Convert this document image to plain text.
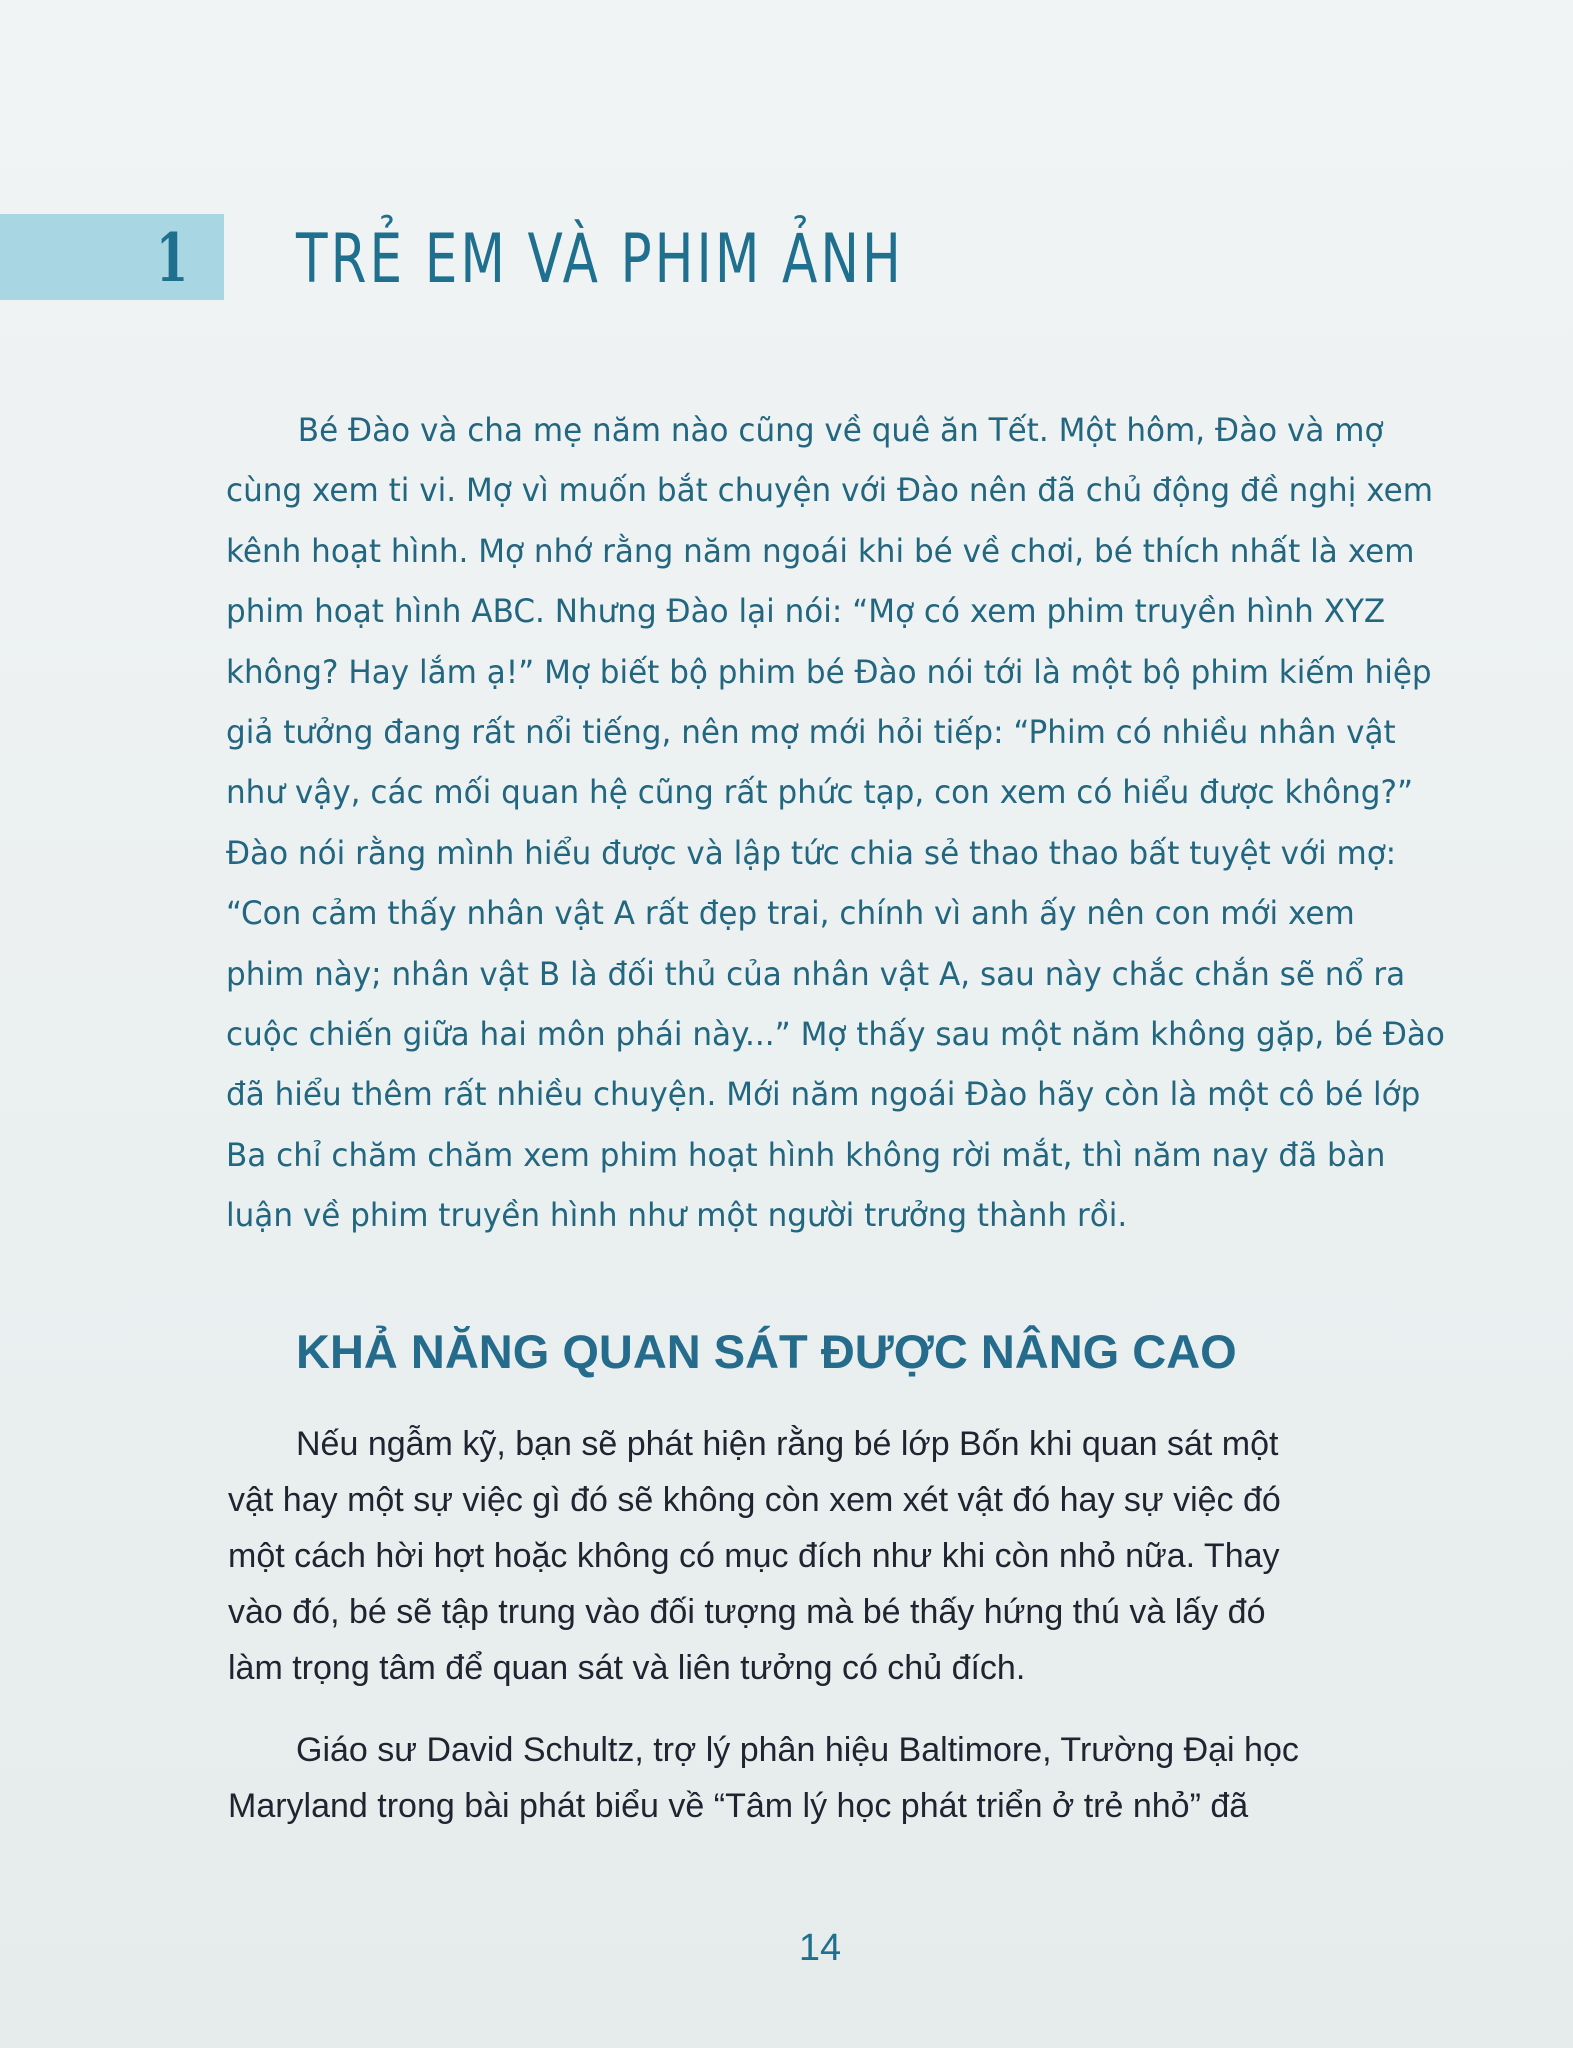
1 TRẺ EM VÀ PHIM ẢNH
Bé Đào và cha mẹ năm nào cũng về quê ăn Tết. Một hôm, Đào và mợ
cùng xem ti vi. Mợ vì muốn bắt chuyện với Đào nên đã chủ động đề nghị xem
kênh hoạt hình. Mợ nhớ rằng năm ngoái khi bé về chơi, bé thích nhất là xem
phim hoạt hình ABC. Nhưng Đào lại nói: “Mợ có xem phim truyền hình XYZ
không? Hay lắm ạ!” Mợ biết bộ phim bé Đào nói tới là một bộ phim kiếm hiệp
giả tưởng đang rất nổi tiếng, nên mợ mới hỏi tiếp: “Phim có nhiều nhân vật
như vậy, các mối quan hệ cũng rất phức tạp, con xem có hiểu được không?”
Đào nói rằng mình hiểu được và lập tức chia sẻ thao thao bất tuyệt với mợ:
“Con cảm thấy nhân vật A rất đẹp trai, chính vì anh ấy nên con mới xem
phim này; nhân vật B là đối thủ của nhân vật A, sau này chắc chắn sẽ nổ ra
cuộc chiến giữa hai môn phái này...” Mợ thấy sau một năm không gặp, bé Đào
đã hiểu thêm rất nhiều chuyện. Mới năm ngoái Đào hãy còn là một cô bé lớp
Ba chỉ chăm chăm xem phim hoạt hình không rời mắt, thì năm nay đã bàn
luận về phim truyền hình như một người trưởng thành rồi.
KHẢ NĂNG QUAN SÁT ĐƯỢC NÂNG CAO
Nếu ngẫm kỹ, bạn sẽ phát hiện rằng bé lớp Bốn khi quan sát một
vật hay một sự việc gì đó sẽ không còn xem xét vật đó hay sự việc đó
một cách hời hợt hoặc không có mục đích như khi còn nhỏ nữa. Thay
vào đó, bé sẽ tập trung vào đối tượng mà bé thấy hứng thú và lấy đó
làm trọng tâm để quan sát và liên tưởng có chủ đích.
Giáo sư David Schultz, trợ lý phân hiệu Baltimore, Trường Đại học
Maryland trong bài phát biểu về “Tâm lý học phát triển ở trẻ nhỏ” đã
14
